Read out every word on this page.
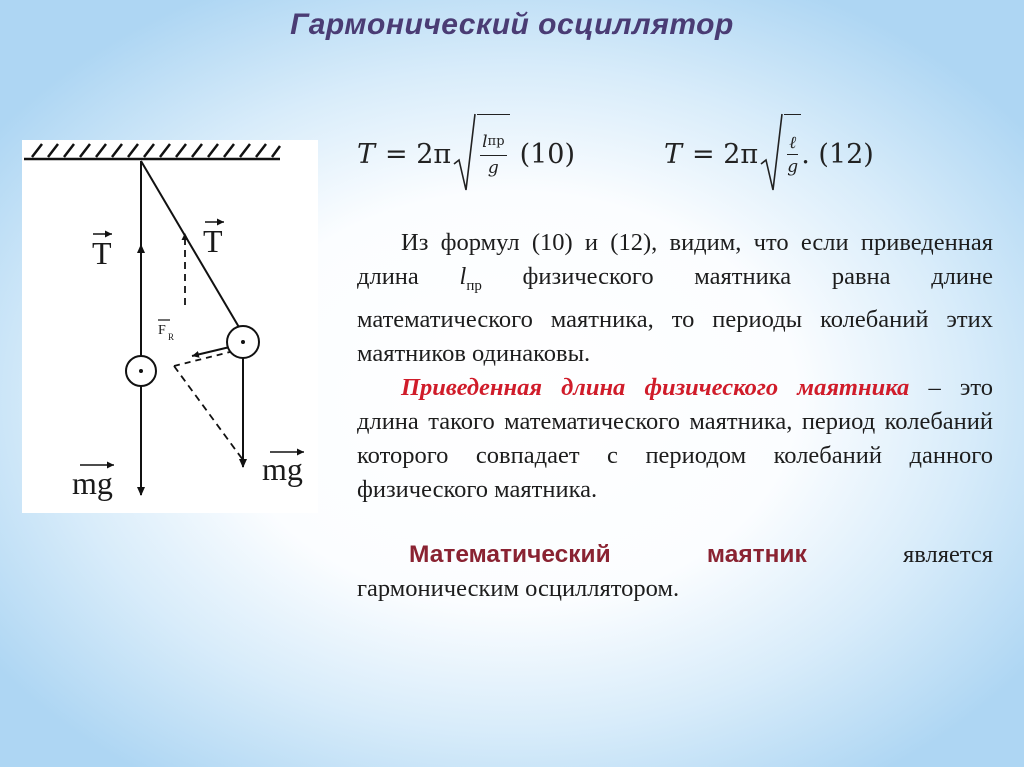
Гармонический осциллятор
T	T
F R
mg	mg
$T = 2\pi \frac{l_{пр}}{g} (10)$	$T = 2\pi \frac{\text{ℓ}}{g}$ . (12)
Из формул (10) и (12), видим, что если приведенная длина $l_{пр}$ физического маятника равна длине математического маятника, то периоды колебаний этих маятников одинаковы.
Приведенная длина физического маятника – это длина такого математического маятника, период колебаний которого совпадает с периодом колебаний данного физического маятника.
Математический	маятник	является
гармоническим осциллятором.
